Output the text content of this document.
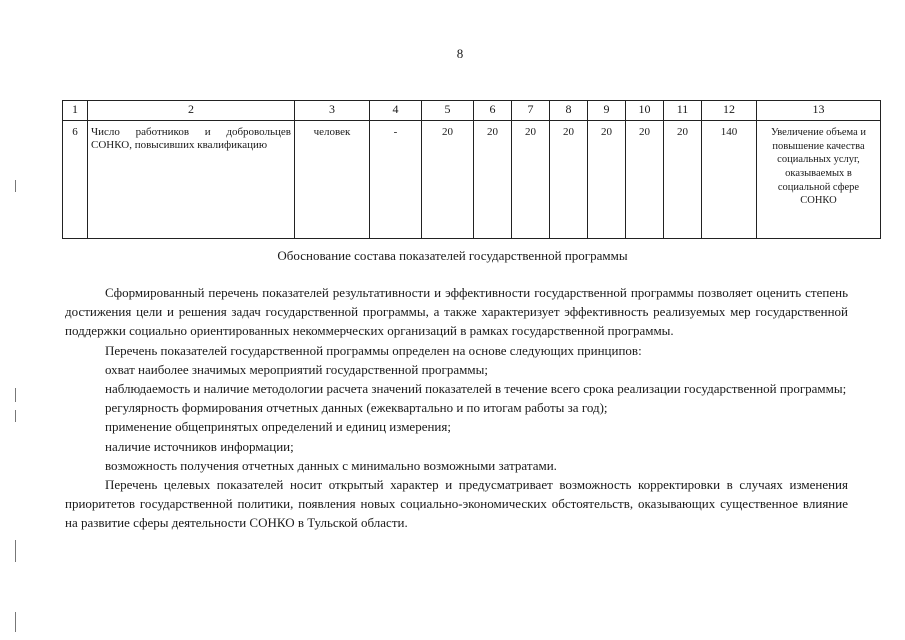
8
1	2	3	4	5	6	7	8	9	10	11	12	13
6	Число работников и добровольцев СОНКО, повысивших квалификацию	человек	-	20	20	20	20	20	20	20	140	Увеличение объема и повышение качества социальных услуг, оказываемых в социальной сфере СОНКО
Обоснование состава показателей государственной программы

Сформированный перечень показателей результативности и эффективности государственной программы позволяет оценить степень достижения цели и решения задач государственной программы, а также характеризует эффективность реализуемых мер государственной поддержки социально ориентированных некоммерческих организаций в рамках государственной программы.

Перечень показателей государственной программы определен на основе следующих принципов:

охват наиболее значимых мероприятий государственной программы;

наблюдаемость и наличие методологии расчета значений показателей в течение всего срока реализации государственной программы;

регулярность формирования отчетных данных (ежеквартально и по итогам работы за год);

применение общепринятых определений и единиц измерения;

наличие источников информации;

возможность получения отчетных данных с минимально возможными затратами.

Перечень целевых показателей носит открытый характер и предусматривает возможность корректировки в случаях изменения приоритетов государственной политики, появления новых социально-экономических обстоятельств, оказывающих существенное влияние на развитие сферы деятельности СОНКО в Тульской области.
